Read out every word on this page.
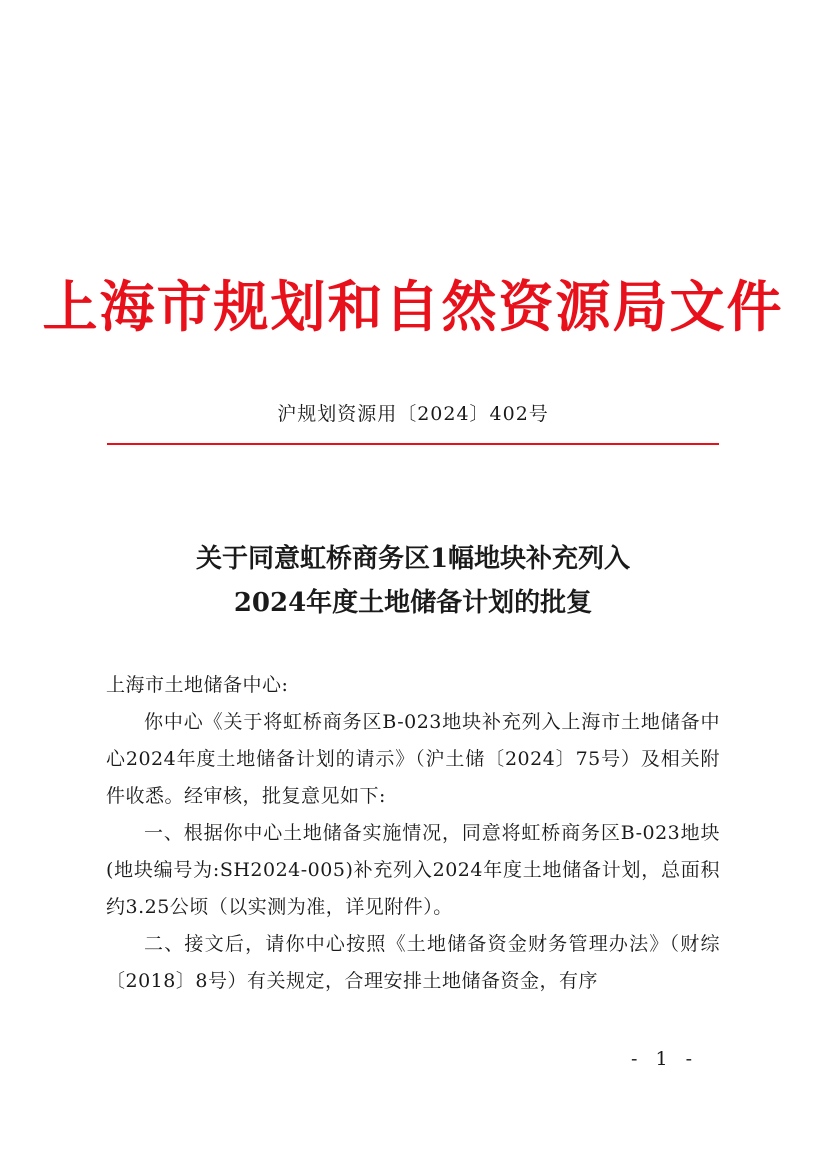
上海市规划和自然资源局文件
沪规划资源用〔2024〕402号
关于同意虹桥商务区1幅地块补充列入
2024年度土地储备计划的批复

上海市土地储备中心:

你中心《关于将虹桥商务区B-023地块补充列入上海市土地储备中心2024年度土地储备计划的请示》（沪土储〔2024〕75号）及相关附件收悉。经审核，批复意见如下:

一、根据你中心土地储备实施情况，同意将虹桥商务区B-023地块(地块编号为:SH2024-005)补充列入2024年度土地储备计划，总面积约3.25公顷（以实测为准，详见附件）。

二、接文后，请你中心按照《土地储备资金财务管理办法》（财综〔2018〕8号）有关规定，合理安排土地储备资金，有序

- 1 -
